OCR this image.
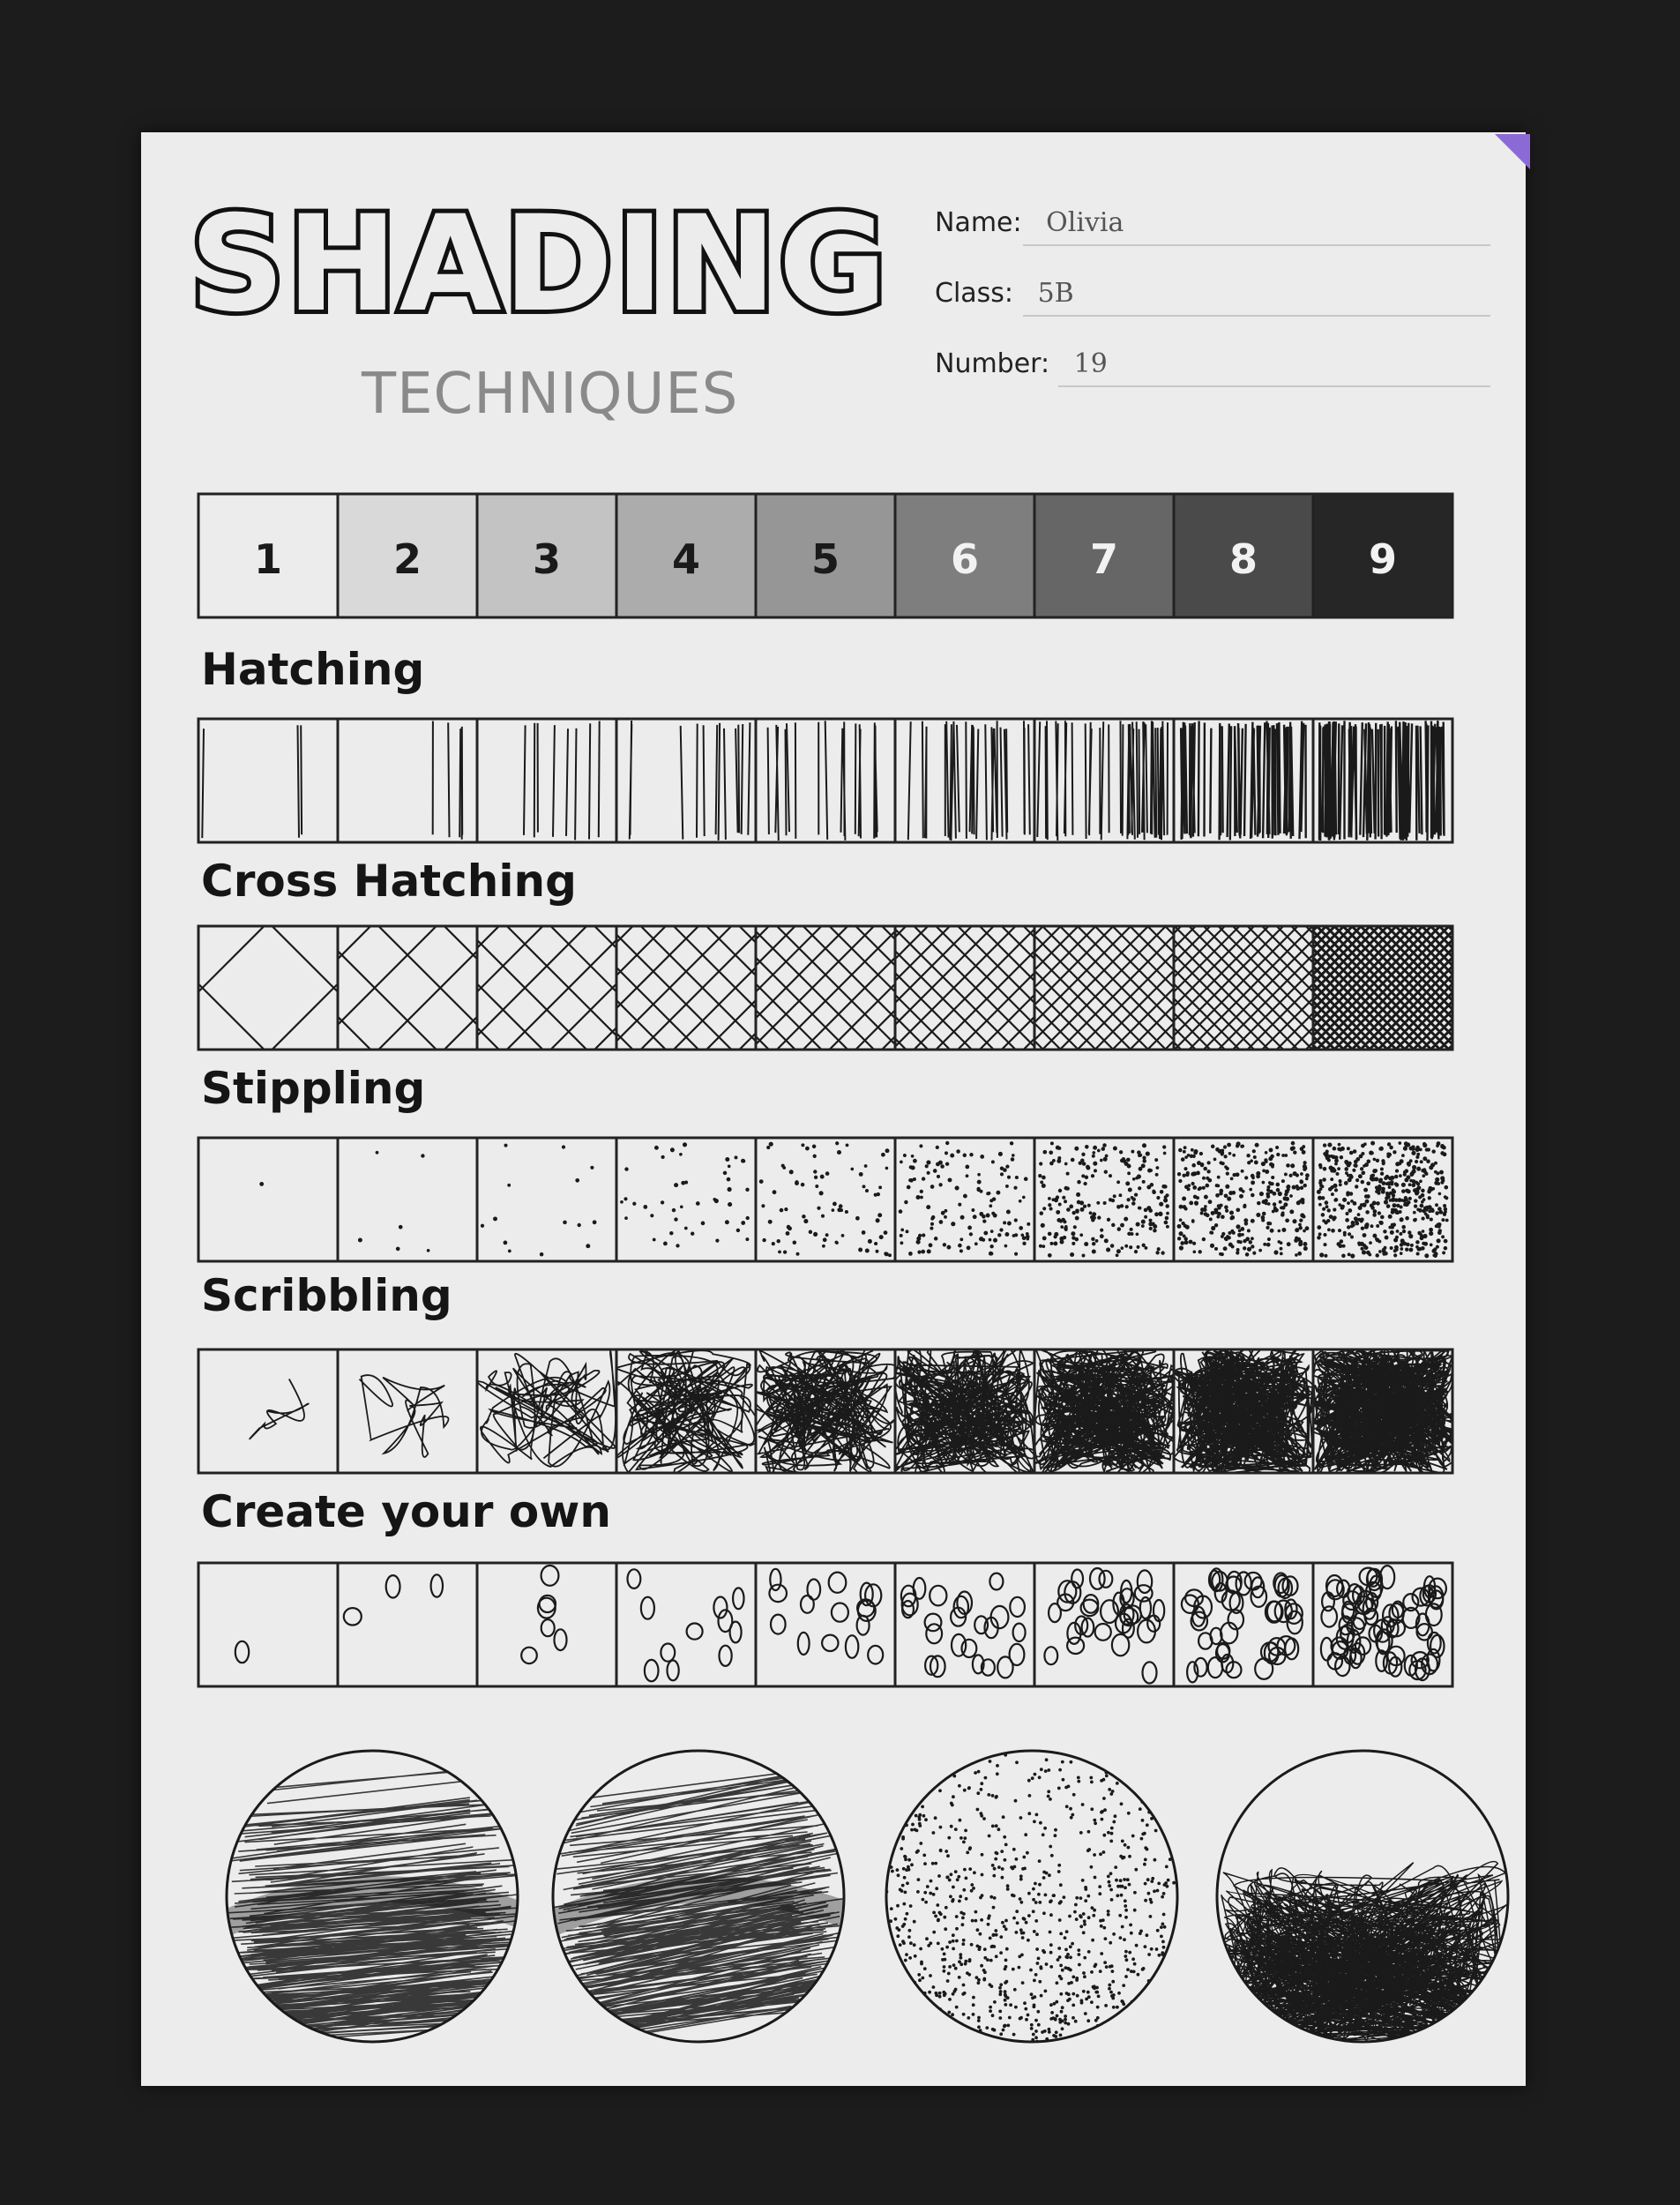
SHADING
TECHNIQUES
Name: Olivia
Class: 5B
Number: 19
1	2	3	4	5	6	7	8	9
Hatching
Cross Hatching
Stippling
Scribbling
Create your own
